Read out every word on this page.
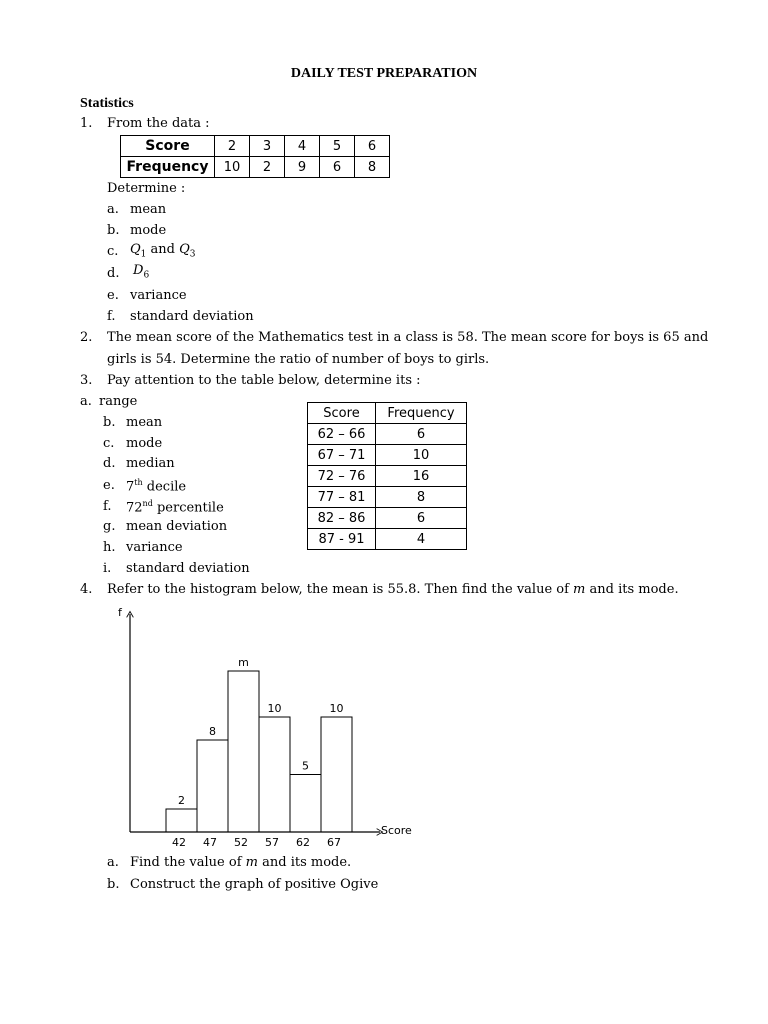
DAILY TEST PREPARATION
Statistics
1. From the data :
Score	2	3	4	5	6
Frequency	10	2	9	6	8
Determine :
a. mean
b. mode
c. $Q_1$ and $Q_3$
d. $D_6$
e. variance
f. standard deviation
2. The mean score of the Mathematics test in a class is 58. The mean score for boys is 65 and
girls is 54. Determine the ratio of number of boys to girls.
3. Pay attention to the table below, determine its :
a. range
b. mean
c. mode
d. median
e. 7th decile
f. 72nd percentile
g. mean deviation
h. variance
i. standard deviation
Score	Frequency
62 – 66	6
67 – 71	10
72 – 76	16
77 – 81	8
82 – 86	6
87 - 91	4
4. Refer to the histogram below, the mean is 55.8. Then find the value of m and its mode.
f
Score
2
42
8
47
m
52
10
57
5
62
10
67
a. Find the value of m and its mode.
b. Construct the graph of positive Ogive
